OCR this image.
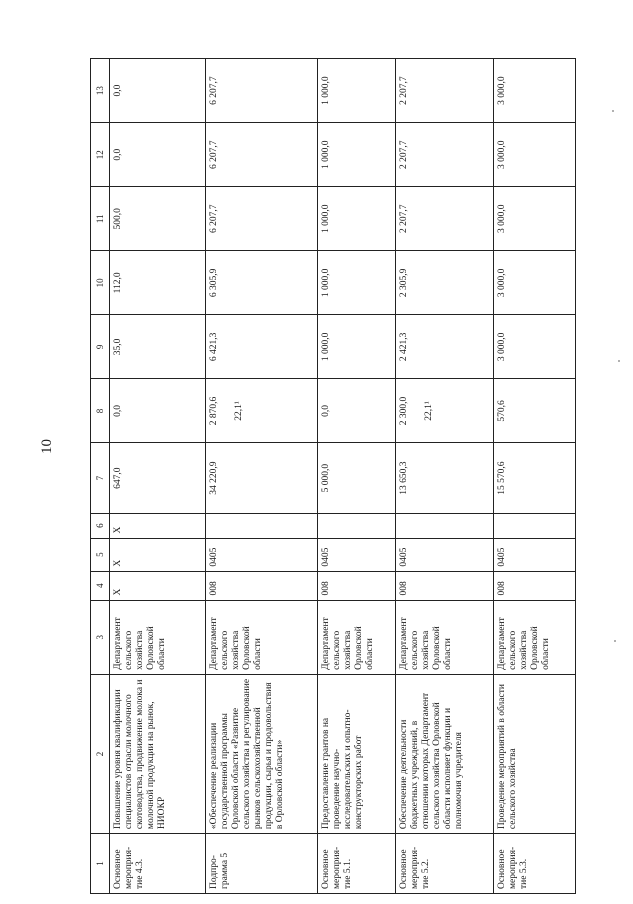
10
1	2	3	4	5	6	7	8	9	10	11	12	13
Основное мероприя-тие 4.3.	Повышение уровня квалификации специалистов отрасли молочного скотоводства, продвижение молока и молочной продукции на рынок, НИОКР	Департамент сельского хозяйства Орловской области	Х	Х	Х	647,0	0,0	35,0	112,0	500,0	0,0	0,0
Подпро-грамма 5	«Обеспечение реализации государственной программы Орловской области «Развитие сельского хозяйства и регулирование рынков сельскохозяйственной продукции, сырья и продовольствия в Орловской области»	Департамент сельского хозяйства Орловской области	008	0405		34 220,9	2 870,6 22,1¹	6 421,3	6 305,9	6 207,7	6 207,7	6 207,7
Основное мероприя-тие 5.1.	Предоставление грантов на проведение научно-исследовательских и опытно-конструкторских работ	Департамент сельского хозяйства Орловской области	008	0405		5 000,0	0,0	1 000,0	1 000,0	1 000,0	1 000,0	1 000,0
Основное мероприя-тие 5.2.	Обеспечение деятельности бюджетных учреждений, в отношении которых Департамент сельского хозяйства Орловской области исполняет функции и полномочия учредителя	Департамент сельского хозяйства Орловской области	008	0405		13 650,3	2 300,0 22,1¹	2 421,3	2 305,9	2 207,7	2 207,7	2 207,7
Основное мероприя-тие 5.3.	Проведение мероприятий в области сельского хозяйства	Департамент сельского хозяйства Орловской области	008	0405		15 570,6	570,6	3 000,0	3 000,0	3 000,0	3 000,0	3 000,0
